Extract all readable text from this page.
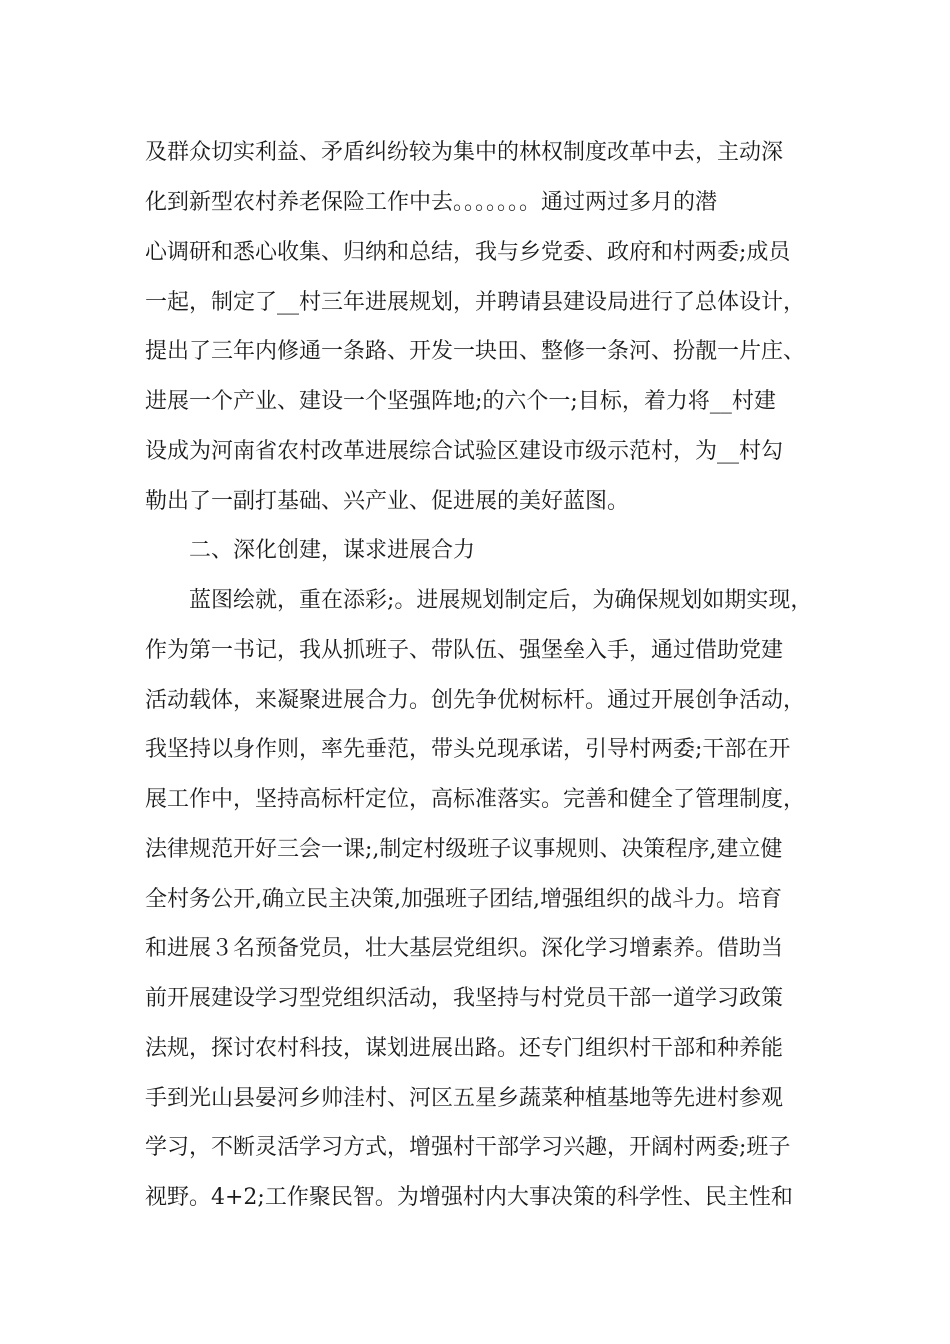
及群众切实利益、矛盾纠纷较为集中的林权制度改革中去，主动深
化到新型农村养老保险工作中去。。。。。。。通过两过多月的潜
心调研和悉心收集、归纳和总结，我与乡党委、政府和村两委;成员
一起，制定了__村三年进展规划，并聘请县建设局进行了总体设计，
提出了三年内修通一条路、开发一块田、整修一条河、扮靓一片庄、
进展一个产业、建设一个坚强阵地;的六个一;目标，着力将__村建
设成为河南省农村改革进展综合试验区建设市级示范村，为__村勾
勒出了一副打基础、兴产业、促进展的美好蓝图。
二、深化创建，谋求进展合力
蓝图绘就，重在添彩;。进展规划制定后，为确保规划如期实现，
作为第一书记，我从抓班子、带队伍、强堡垒入手，通过借助党建
活动载体，来凝聚进展合力。创先争优树标杆。通过开展创争活动，
我坚持以身作则，率先垂范，带头兑现承诺，引导村两委;干部在开
展工作中，坚持高标杆定位，高标准落实。完善和健全了管理制度，
法律规范开好三会一课;,制定村级班子议事规则、决策程序,建立健
全村务公开,确立民主决策,加强班子团结,增强组织的战斗力。培育
和进展３名预备党员，壮大基层党组织。深化学习增素养。借助当
前开展建设学习型党组织活动，我坚持与村党员干部一道学习政策
法规，探讨农村科技，谋划进展出路。还专门组织村干部和种养能
手到光山县晏河乡帅洼村、河区五星乡蔬菜种植基地等先进村参观
学习，不断灵活学习方式，增强村干部学习兴趣，开阔村两委;班子
视野。4+2;工作聚民智。为增强村内大事决策的科学性、民主性和
